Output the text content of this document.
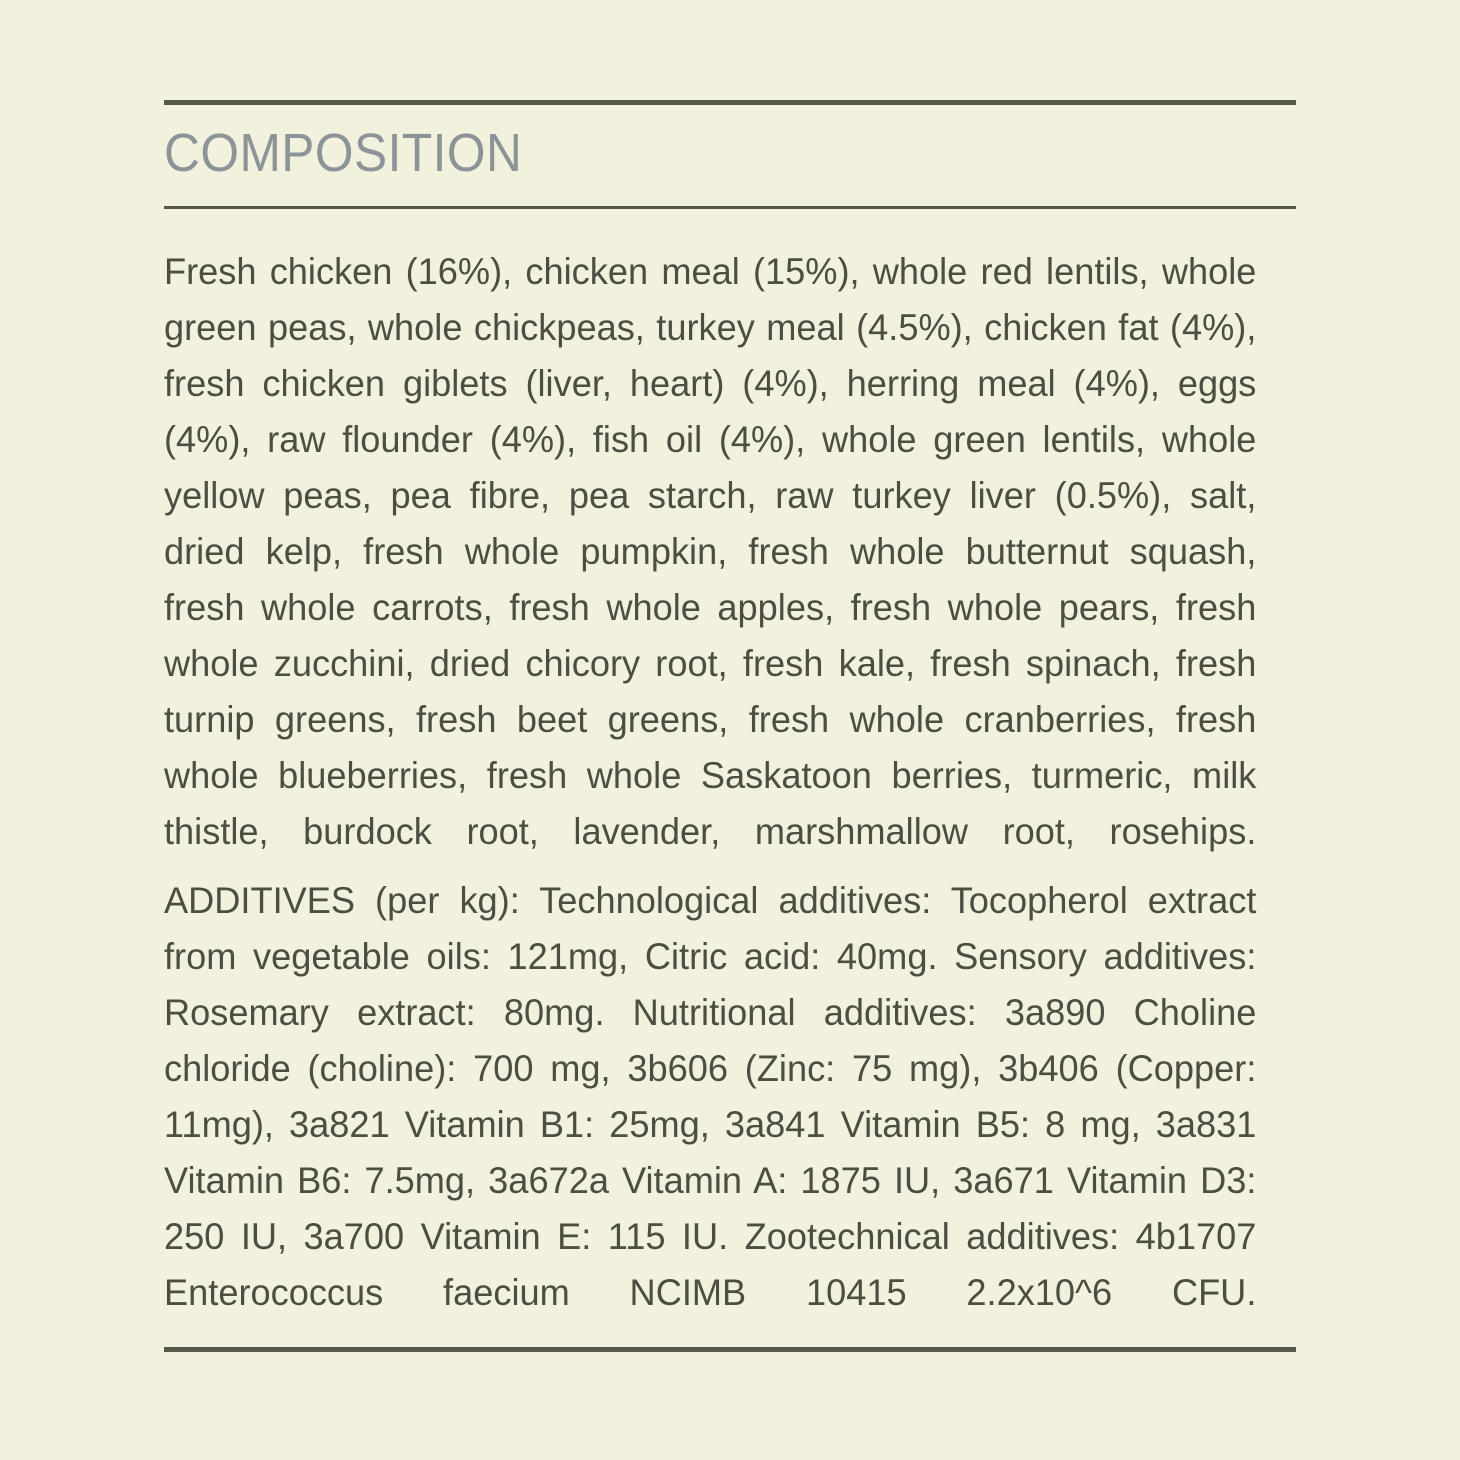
COMPOSITION
Fresh chicken (16%), chicken meal (15%), whole red lentils, whole green peas, whole chickpeas, turkey meal (4.5%), chicken fat (4%), fresh chicken giblets (liver, heart) (4%), herring meal (4%), eggs (4%), raw flounder (4%), fish oil (4%), whole green lentils, whole yellow peas, pea fibre, pea starch, raw turkey liver (0.5%), salt, dried kelp, fresh whole pumpkin, fresh whole butternut squash, fresh whole carrots, fresh whole apples, fresh whole pears, fresh  whole zucchini, dried chicory root, fresh kale, fresh spinach, fresh turnip greens, fresh beet greens, fresh whole cranberries, fresh whole blueberries, fresh whole Saskatoon berries, turmeric, milk thistle, burdock root, lavender, marshmallow root, rosehips.
ADDITIVES (per kg): Technological additives: Tocopherol extract from vegetable oils: 121mg, Citric acid: 40mg. Sensory additives: Rosemary extract: 80mg. Nutritional additives: 3a890 Choline chloride (choline): 700 mg, 3b606 (Zinc: 75 mg), 3b406 (Copper: 11mg), 3a821 Vitamin B1: 25mg, 3a841 Vitamin B5: 8 mg, 3a831 Vitamin B6: 7.5mg, 3a672a Vitamin A: 1875 IU, 3a671 Vitamin D3: 250 IU, 3a700 Vitamin E: 115 IU. Zootechnical additives: 4b1707 Enterococcus faecium NCIMB 10415 2.2x10^6 CFU.
